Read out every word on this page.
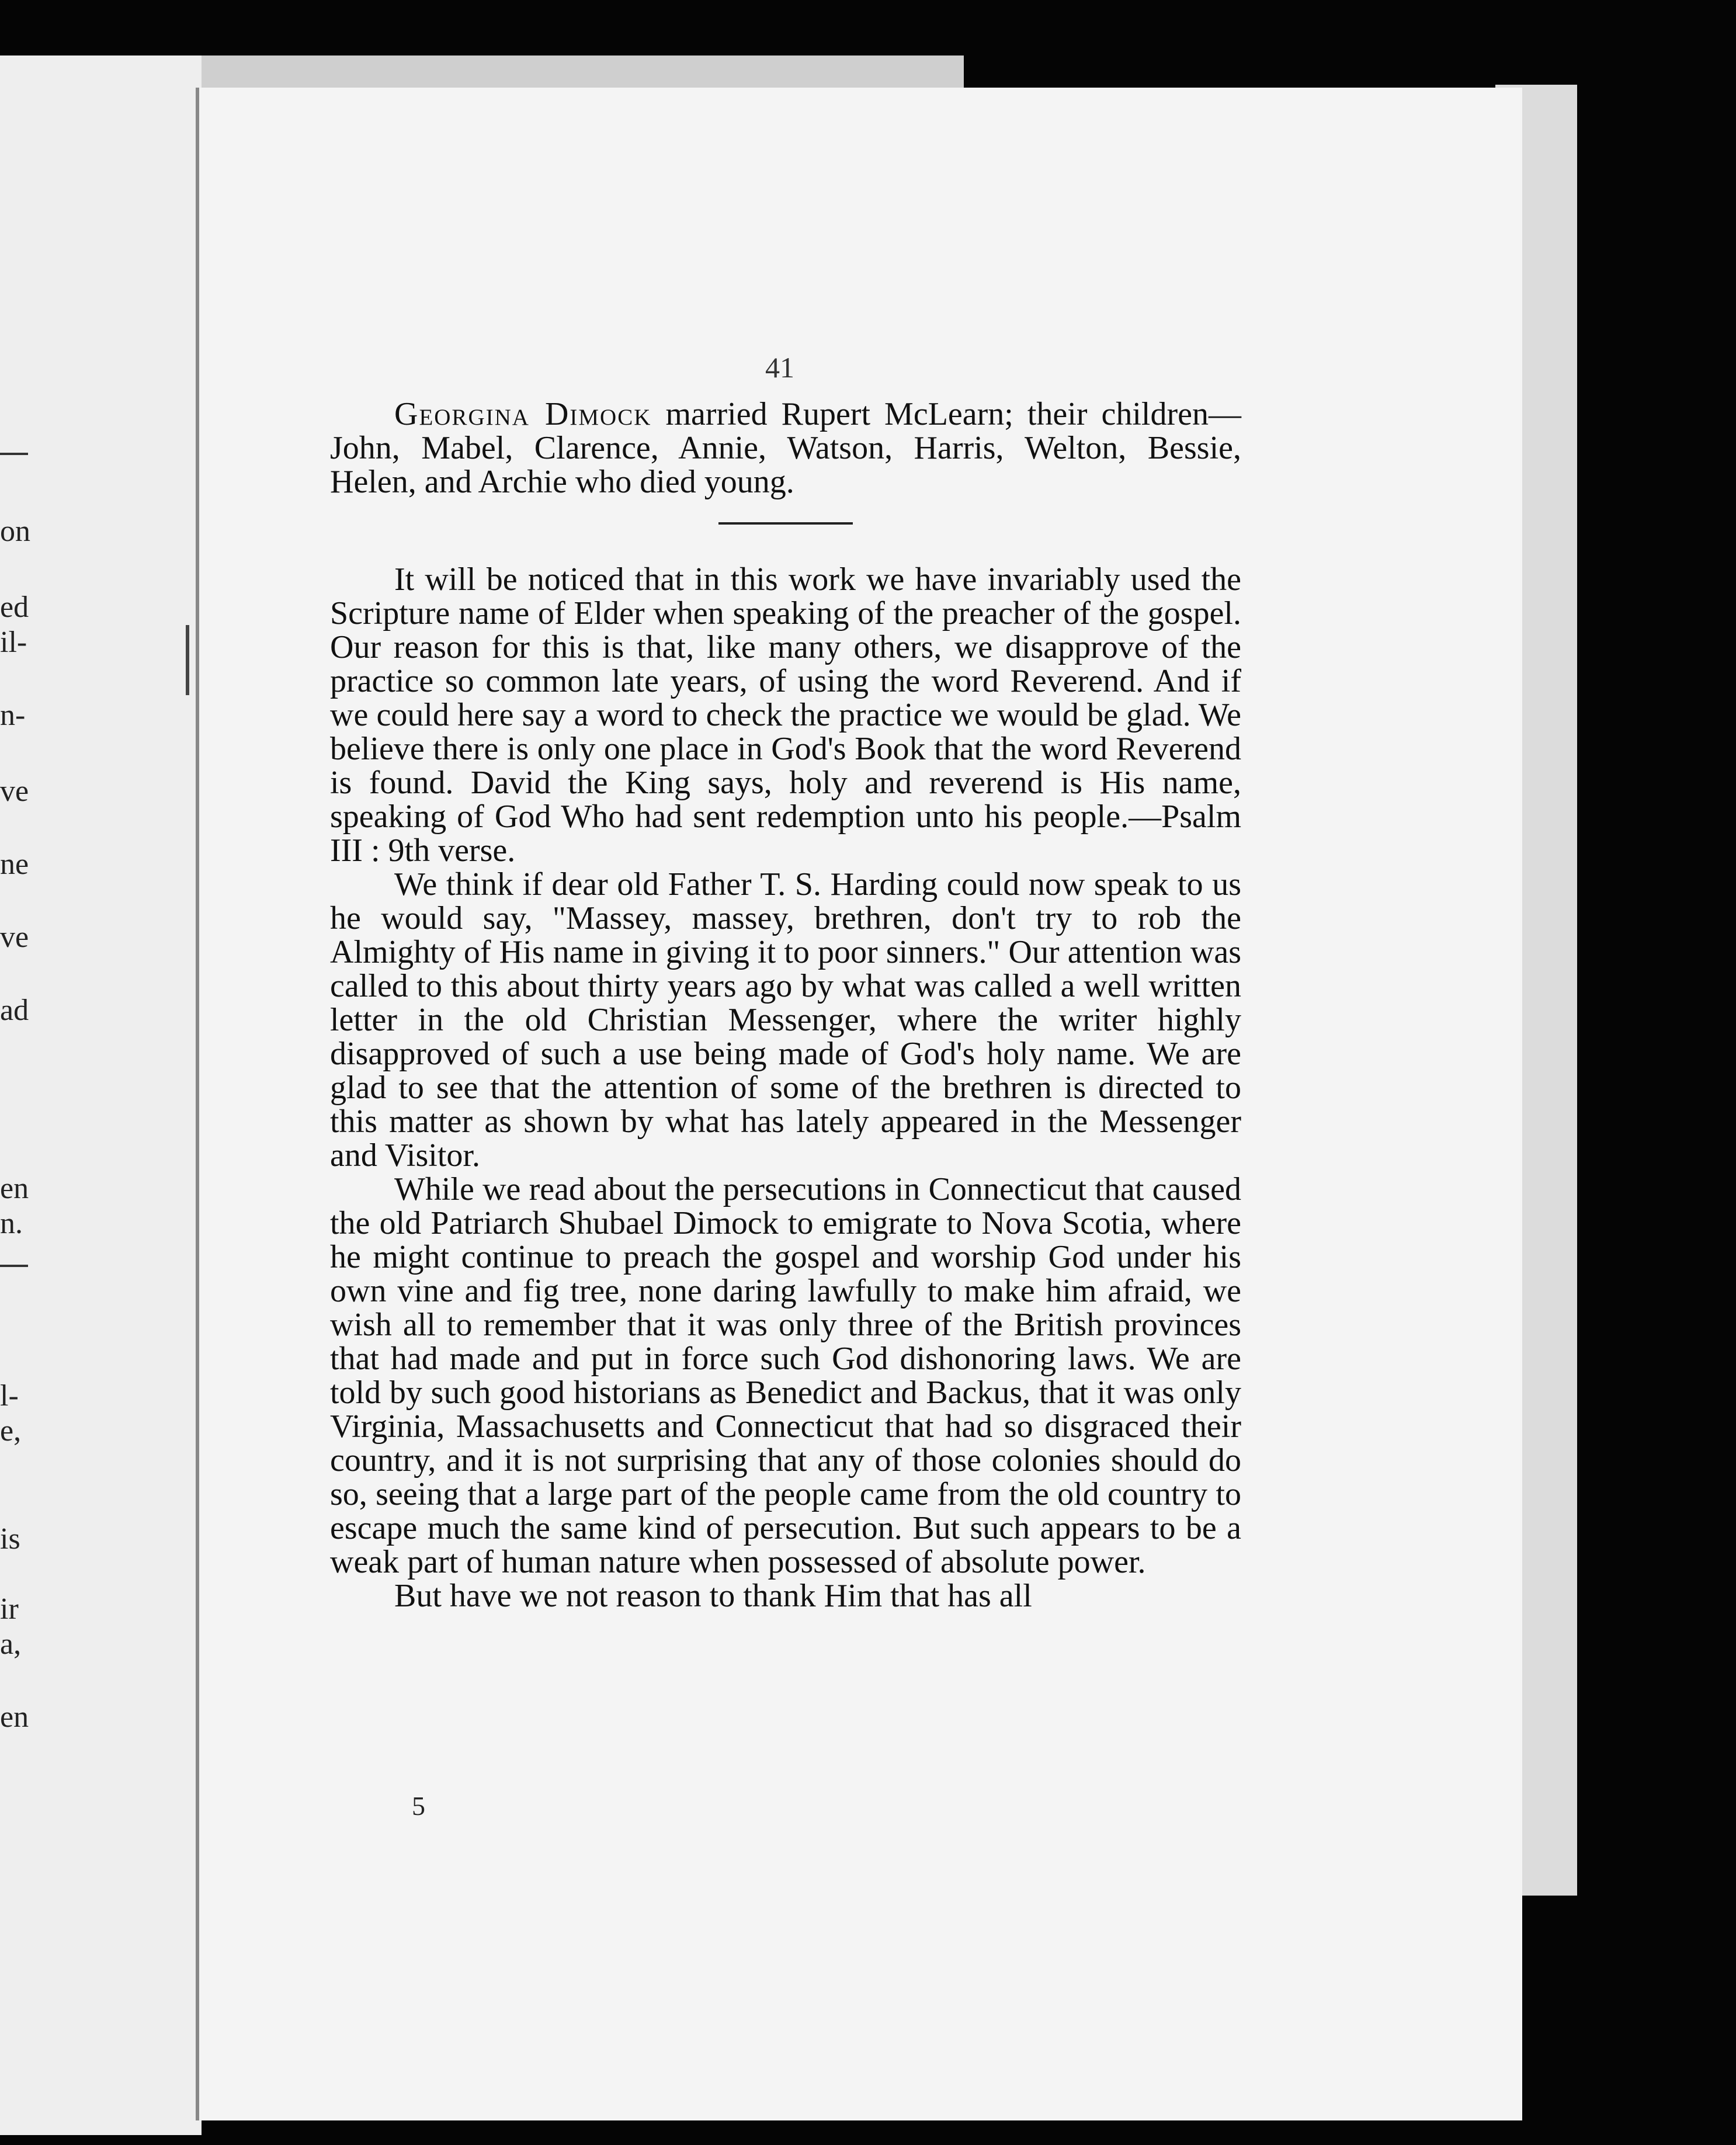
on
ed
il-
n-
ve
ne
ve
ad
en
n.
l-
e,
is
ir
a,
en
41

Georgina Dimock married Rupert McLearn; their children—John, Mabel, Clarence, Annie, Watson, Harris, Welton, Bessie, Helen, and Archie who died young.

It will be noticed that in this work we have invariably used the Scripture name of Elder when speaking of the preacher of the gospel. Our reason for this is that, like many others, we disapprove of the practice so common late years, of using the word Reverend. And if we could here say a word to check the practice we would be glad. We believe there is only one place in God's Book that the word Reverend is found. David the King says, holy and reverend is His name, speaking of God Who had sent redemption unto his people.—Psalm III : 9th verse.

We think if dear old Father T. S. Harding could now speak to us he would say, "Massey, massey, brethren, don't try to rob the Almighty of His name in giving it to poor sinners." Our attention was called to this about thirty years ago by what was called a well written letter in the old Christian Messenger, where the writer highly disapproved of such a use being made of God's holy name. We are glad to see that the attention of some of the brethren is directed to this matter as shown by what has lately appeared in the Messenger and Visitor.

While we read about the persecutions in Connecticut that caused the old Patriarch Shubael Dimock to emigrate to Nova Scotia, where he might continue to preach the gospel and worship God under his own vine and fig tree, none daring lawfully to make him afraid, we wish all to remember that it was only three of the British provinces that had made and put in force such God dishonoring laws. We are told by such good historians as Benedict and Backus, that it was only Virginia, Massachusetts and Connecticut that had so disgraced their country, and it is not surprising that any of those colonies should do so, seeing that a large part of the people came from the old country to escape much the same kind of persecution. But such appears to be a weak part of human nature when possessed of absolute power.

But have we not reason to thank Him that has all

5
